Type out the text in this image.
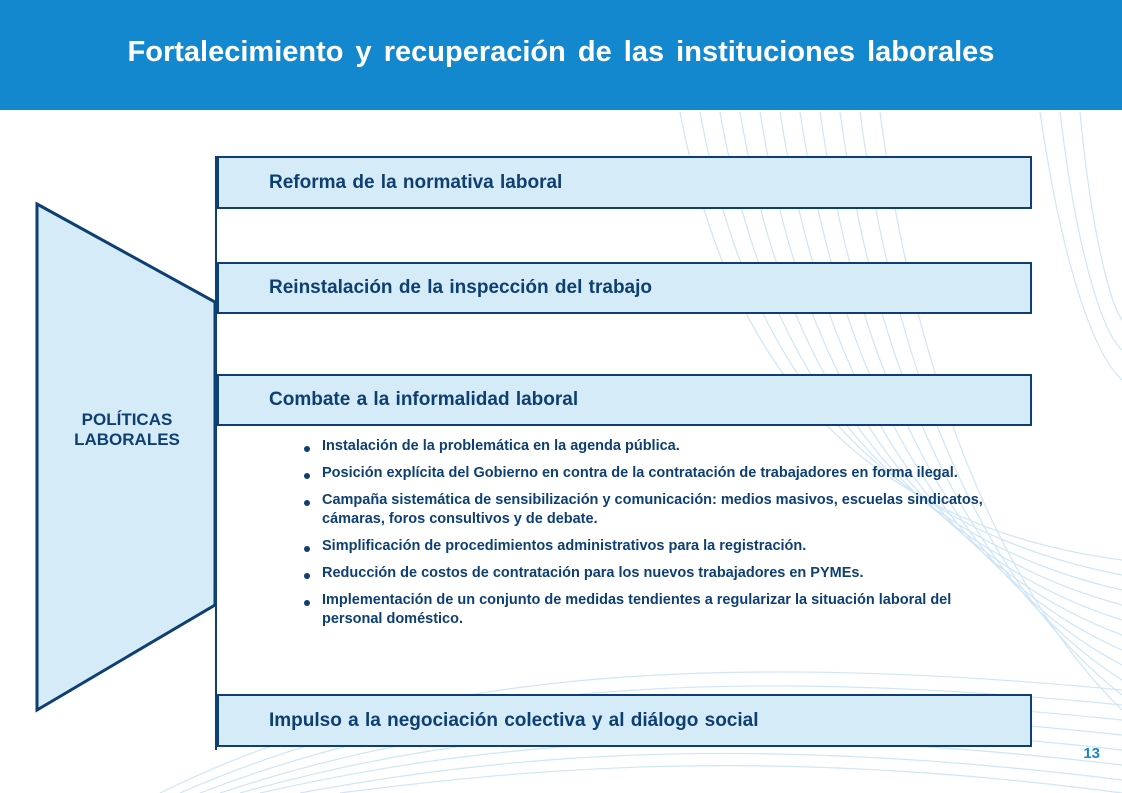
Fortalecimiento y recuperación de las instituciones laborales
POLÍTICAS LABORALES
Reforma de la normativa laboral
Reinstalación de la inspección del trabajo
Combate a la informalidad laboral
Instalación de la problemática en la agenda pública.
Posición explícita del Gobierno en contra de la contratación de trabajadores en forma ilegal.
Campaña sistemática de sensibilización y comunicación: medios masivos, escuelas sindicatos, cámaras, foros consultivos y de debate.
Simplificación de procedimientos administrativos para la registración.
Reducción de costos de contratación para los nuevos trabajadores en PYMEs.
Implementación de un conjunto de medidas tendientes a regularizar la situación laboral del personal doméstico.
Impulso a la negociación colectiva y al diálogo social
13
